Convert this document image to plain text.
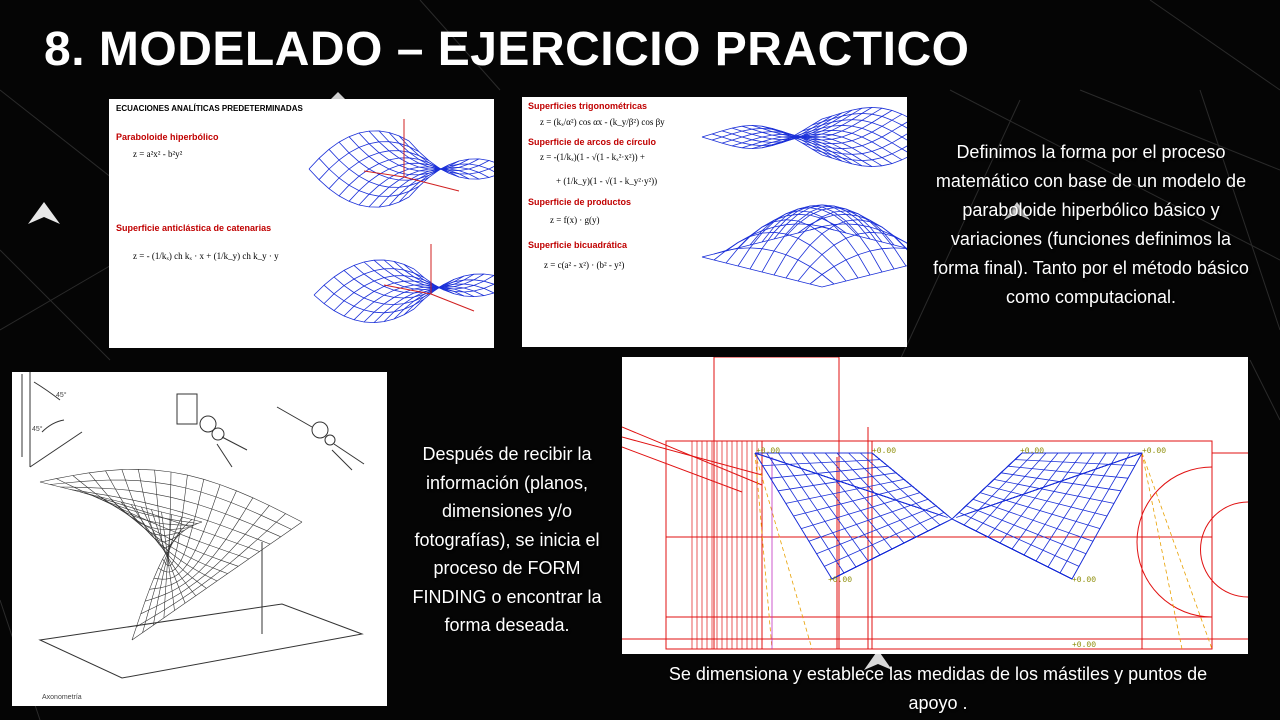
8. MODELADO – EJERCICIO PRACTICO
ECUACIONES ANALÍTICAS PREDETERMINADAS
Paraboloide hiperbólico
z = a²x² - b²y²
Superficie anticlástica de catenarias
z = - (1/kₓ) ch kₓ · x + (1/k_y) ch k_y · y
Superficies trigonométricas
z = (kₓ/α²) cos αx - (k_y/β²) cos βy
Superficie de arcos de círculo
z = -(1/kₓ)(1 - √(1 - kₓ²·x²)) +
+ (1/k_y)(1 - √(1 - k_y²·y²))
Superficie de productos
z = f(x) · g(y)
Superficie bicuadrática
z = c(a² - x²) · (b² - y²)
Definimos la forma por el proceso matemático con base de un modelo de paraboloide hiperbólico básico y variaciones (funciones definimos la forma final). Tanto por el método básico como computacional.
45°
45°
Axonometría
Después de recibir la información (planos, dimensiones y/o fotografías), se inicia el proceso de FORM FINDING o encontrar la forma deseada.
+0.00	+0.00	+0.00	+0.00
+0.00	+0.00
+0.00
Se dimensiona y establece las medidas de los mástiles y puntos de apoyo .
